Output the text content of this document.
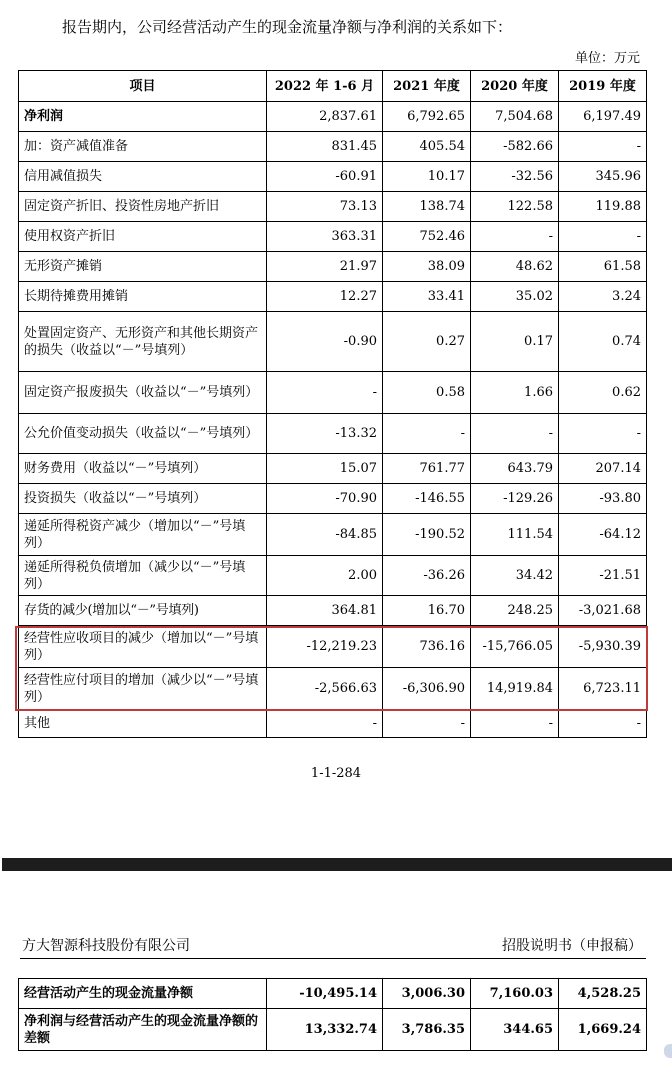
报告期内，公司经营活动产生的现金流量净额与净利润的关系如下：
单位：万元
项目	2022 年 1-6 月	2021 年度	2020 年度	2019 年度
净利润	2,837.61	6,792.65	7,504.68	6,197.49
加：资产减值准备	831.45	405.54	-582.66	-
信用减值损失	-60.91	10.17	-32.56	345.96
固定资产折旧、投资性房地产折旧	73.13	138.74	122.58	119.88
使用权资产折旧	363.31	752.46	-	-
无形资产摊销	21.97	38.09	48.62	61.58
长期待摊费用摊销	12.27	33.41	35.02	3.24
处置固定资产、无形资产和其他长期资产的损失（收益以“－”号填列）	-0.90	0.27	0.17	0.74
固定资产报废损失（收益以“－”号填列）	-	0.58	1.66	0.62
公允价值变动损失（收益以“－”号填列）	-13.32	-	-	-
财务费用（收益以“－”号填列）	15.07	761.77	643.79	207.14
投资损失（收益以“－”号填列）	-70.90	-146.55	-129.26	-93.80
递延所得税资产减少（增加以“－”号填列）	-84.85	-190.52	111.54	-64.12
递延所得税负债增加（减少以“－”号填列）	2.00	-36.26	34.42	-21.51
存货的减少(增加以“－”号填列)	364.81	16.70	248.25	-3,021.68
经营性应收项目的减少（增加以“－”号填列）	-12,219.23	736.16	-15,766.05	-5,930.39
经营性应付项目的增加（减少以“－”号填列）	-2,566.63	-6,306.90	14,919.84	6,723.11
其他	-	-	-	-
1-1-284
方大智源科技股份有限公司	招股说明书（申报稿）
经营活动产生的现金流量净额	-10,495.14	3,006.30	7,160.03	4,528.25
净利润与经营活动产生的现金流量净额的差额	13,332.74	3,786.35	344.65	1,669.24
